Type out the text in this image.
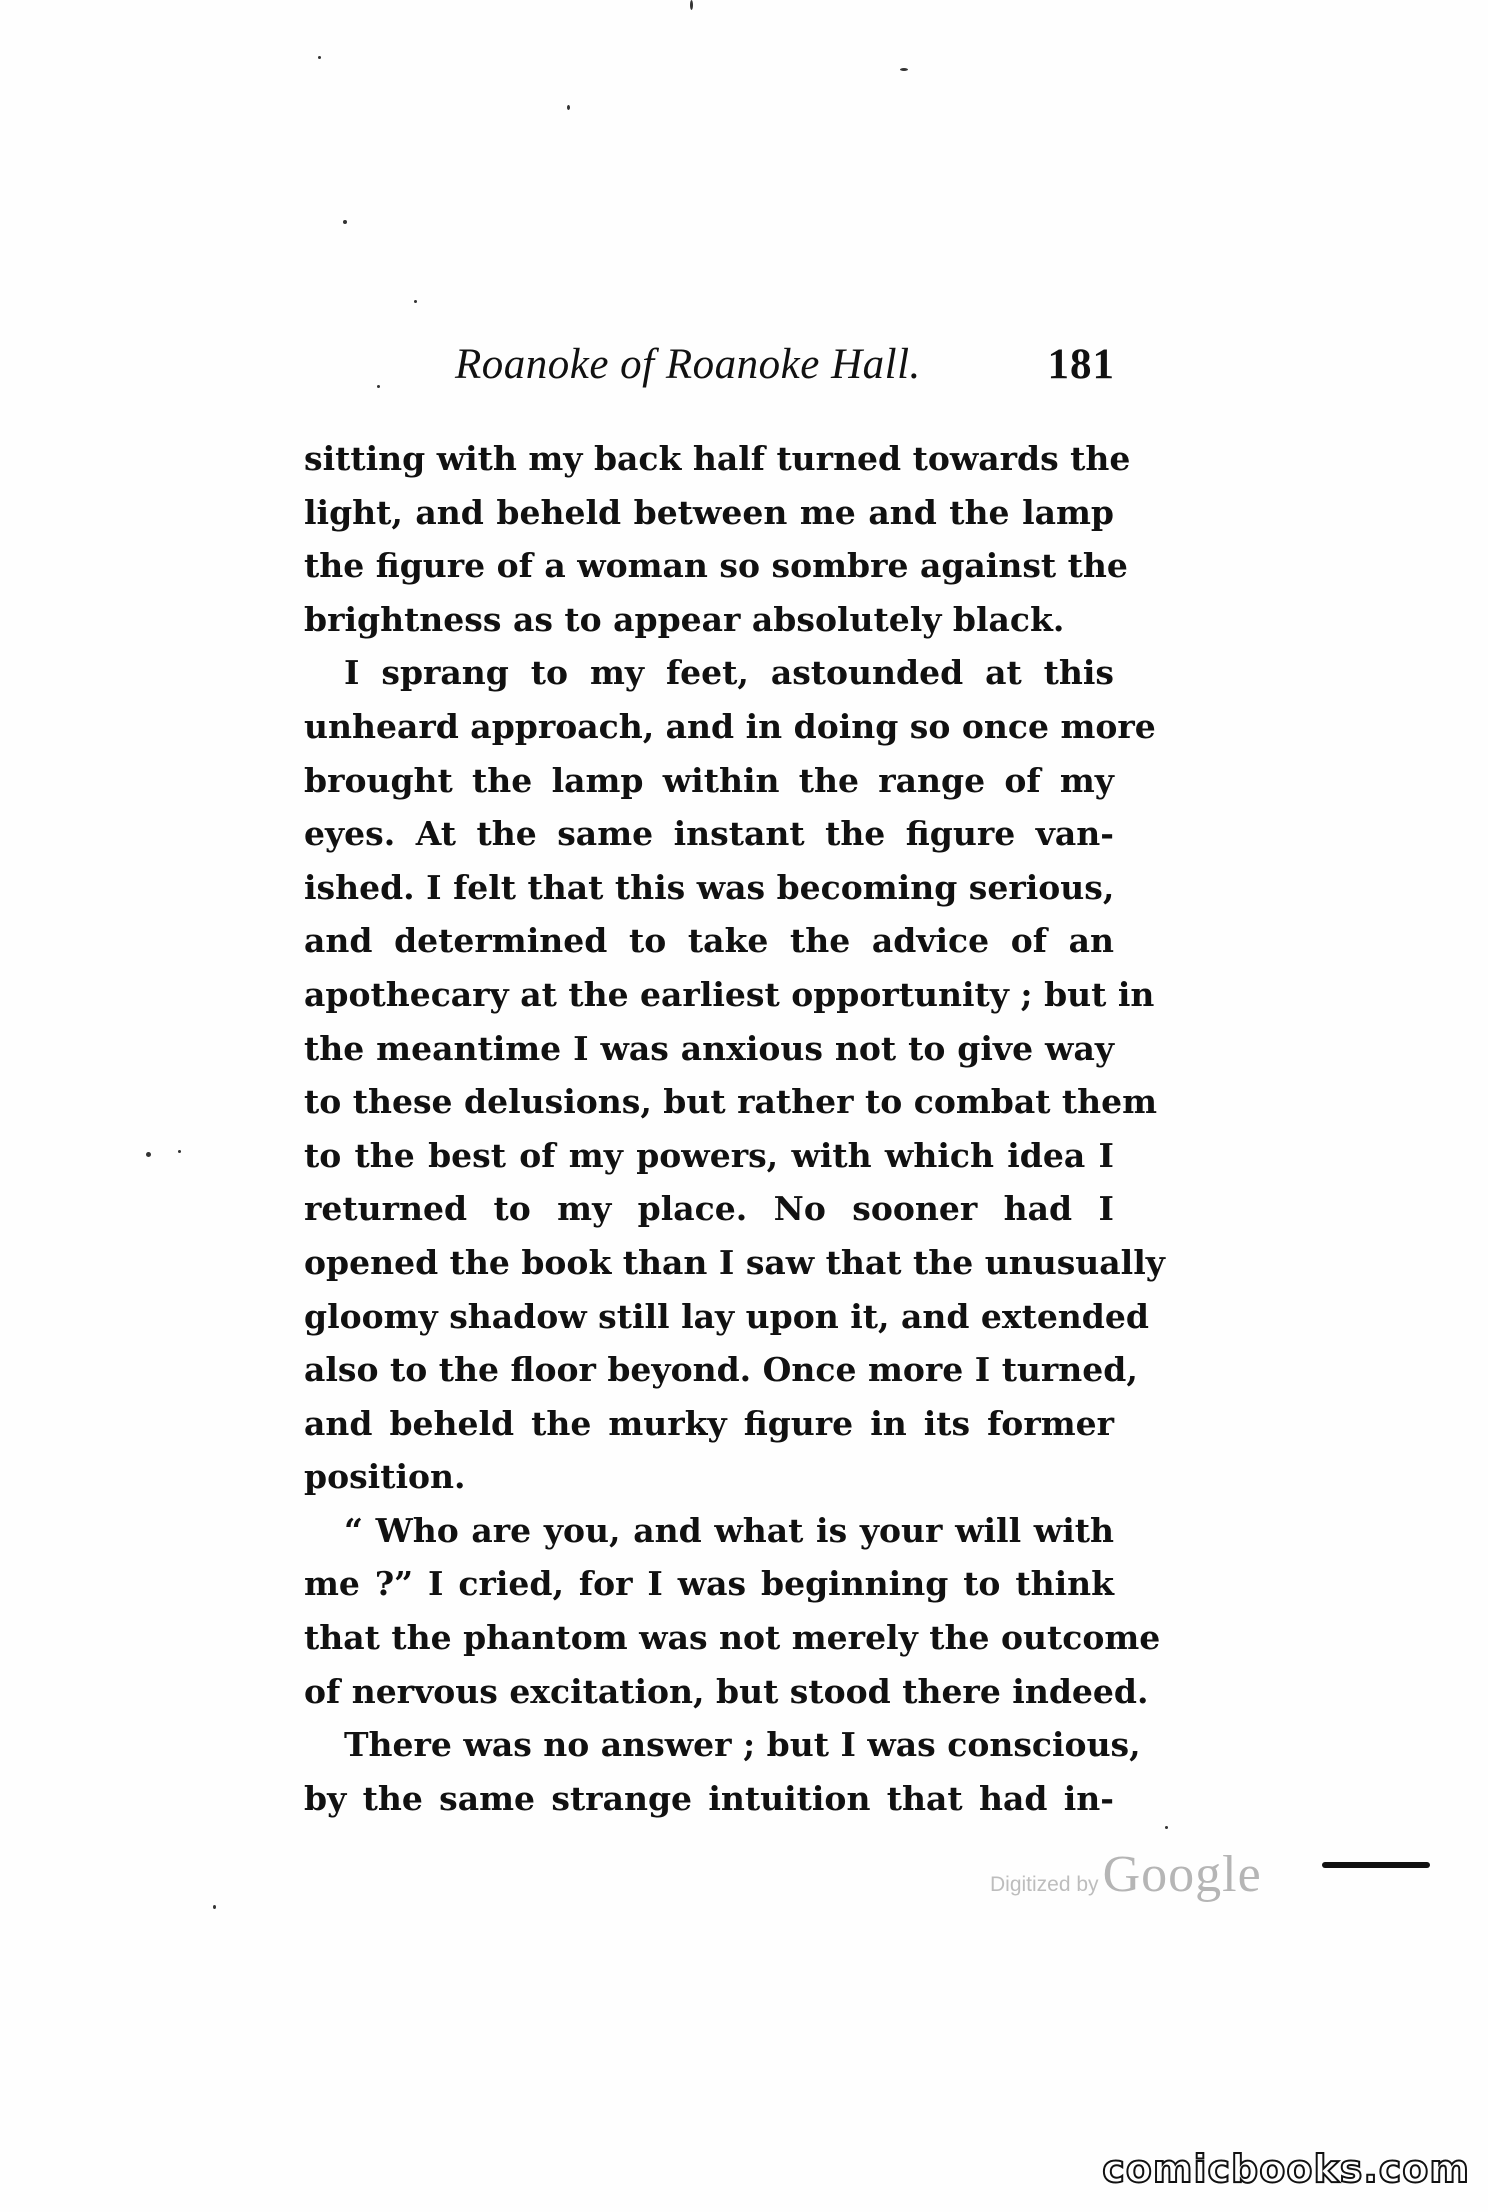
Roanoke of Roanoke Hall.	181
sitting with my back half turned towards the
light, and beheld between me and the lamp
the figure of a woman so sombre against the
brightness as to appear absolutely black.
I sprang to my feet, astounded at this
unheard approach, and in doing so once more
brought the lamp within the range of my
eyes. At the same instant the figure van-
ished. I felt that this was becoming serious,
and determined to take the advice of an
apothecary at the earliest opportunity ; but in
the meantime I was anxious not to give way
to these delusions, but rather to combat them
to the best of my powers, with which idea I
returned to my place. No sooner had I
opened the book than I saw that the unusually
gloomy shadow still lay upon it, and extended
also to the floor beyond. Once more I turned,
and beheld the murky figure in its former
position.
“ Who are you, and what is your will with
me ?” I cried, for I was beginning to think
that the phantom was not merely the outcome
of nervous excitation, but stood there indeed.
There was no answer ; but I was conscious,
by the same strange intuition that had in-
Digitized by Google
comicbooks.com
